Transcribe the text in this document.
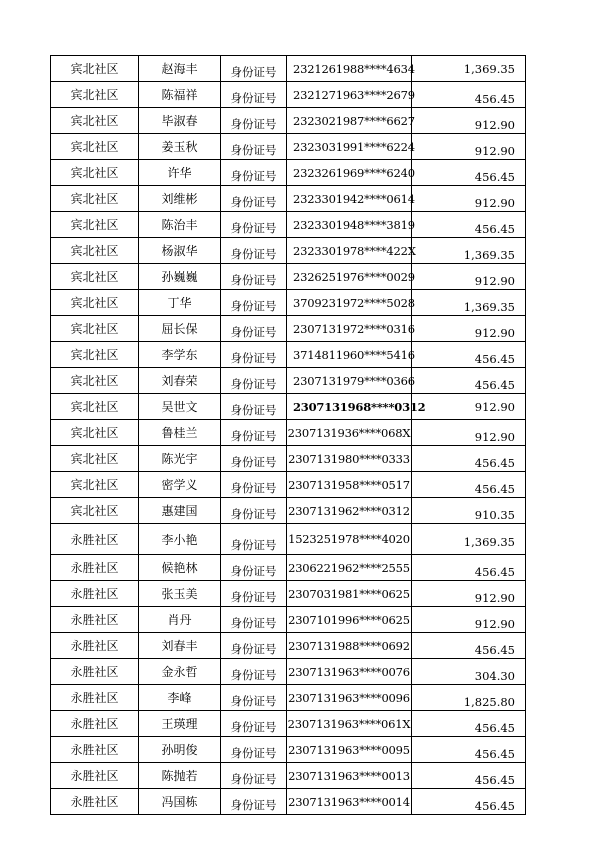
宾北社区	赵海丰	身份证号	2321261988****4634	1,369.35
宾北社区	陈福祥	身份证号	2321271963****2679	456.45
宾北社区	毕淑春	身份证号	2323021987****6627	912.90
宾北社区	姜玉秋	身份证号	2323031991****6224	912.90
宾北社区	许华	身份证号	2323261969****6240	456.45
宾北社区	刘维彬	身份证号	2323301942****0614	912.90
宾北社区	陈治丰	身份证号	2323301948****3819	456.45
宾北社区	杨淑华	身份证号	2323301978****422X	1,369.35
宾北社区	孙巍巍	身份证号	2326251976****0029	912.90
宾北社区	丁华	身份证号	3709231972****5028	1,369.35
宾北社区	屈长保	身份证号	2307131972****0316	912.90
宾北社区	李学东	身份证号	3714811960****5416	456.45
宾北社区	刘春荣	身份证号	2307131979****0366	456.45
宾北社区	吴世文	身份证号	2307131968****0312	912.90
宾北社区	鲁桂兰	身份证号	2307131936****068X	912.90
宾北社区	陈光宇	身份证号	2307131980****0333	456.45
宾北社区	密学义	身份证号	2307131958****0517	456.45
宾北社区	惠建国	身份证号	2307131962****0312	910.35
永胜社区	李小艳	身份证号	1523251978****4020	1,369.35
永胜社区	候艳林	身份证号	2306221962****2555	456.45
永胜社区	张玉美	身份证号	2307031981****0625	912.90
永胜社区	肖丹	身份证号	2307101996****0625	912.90
永胜社区	刘春丰	身份证号	2307131988****0692	456.45
永胜社区	金永哲	身份证号	2307131963****0076	304.30
永胜社区	李峰	身份证号	2307131963****0096	1,825.80
永胜社区	王瑛理	身份证号	2307131963****061X	456.45
永胜社区	孙明俊	身份证号	2307131963****0095	456.45
永胜社区	陈抛若	身份证号	2307131963****0013	456.45
永胜社区	冯国栋	身份证号	2307131963****0014	456.45
